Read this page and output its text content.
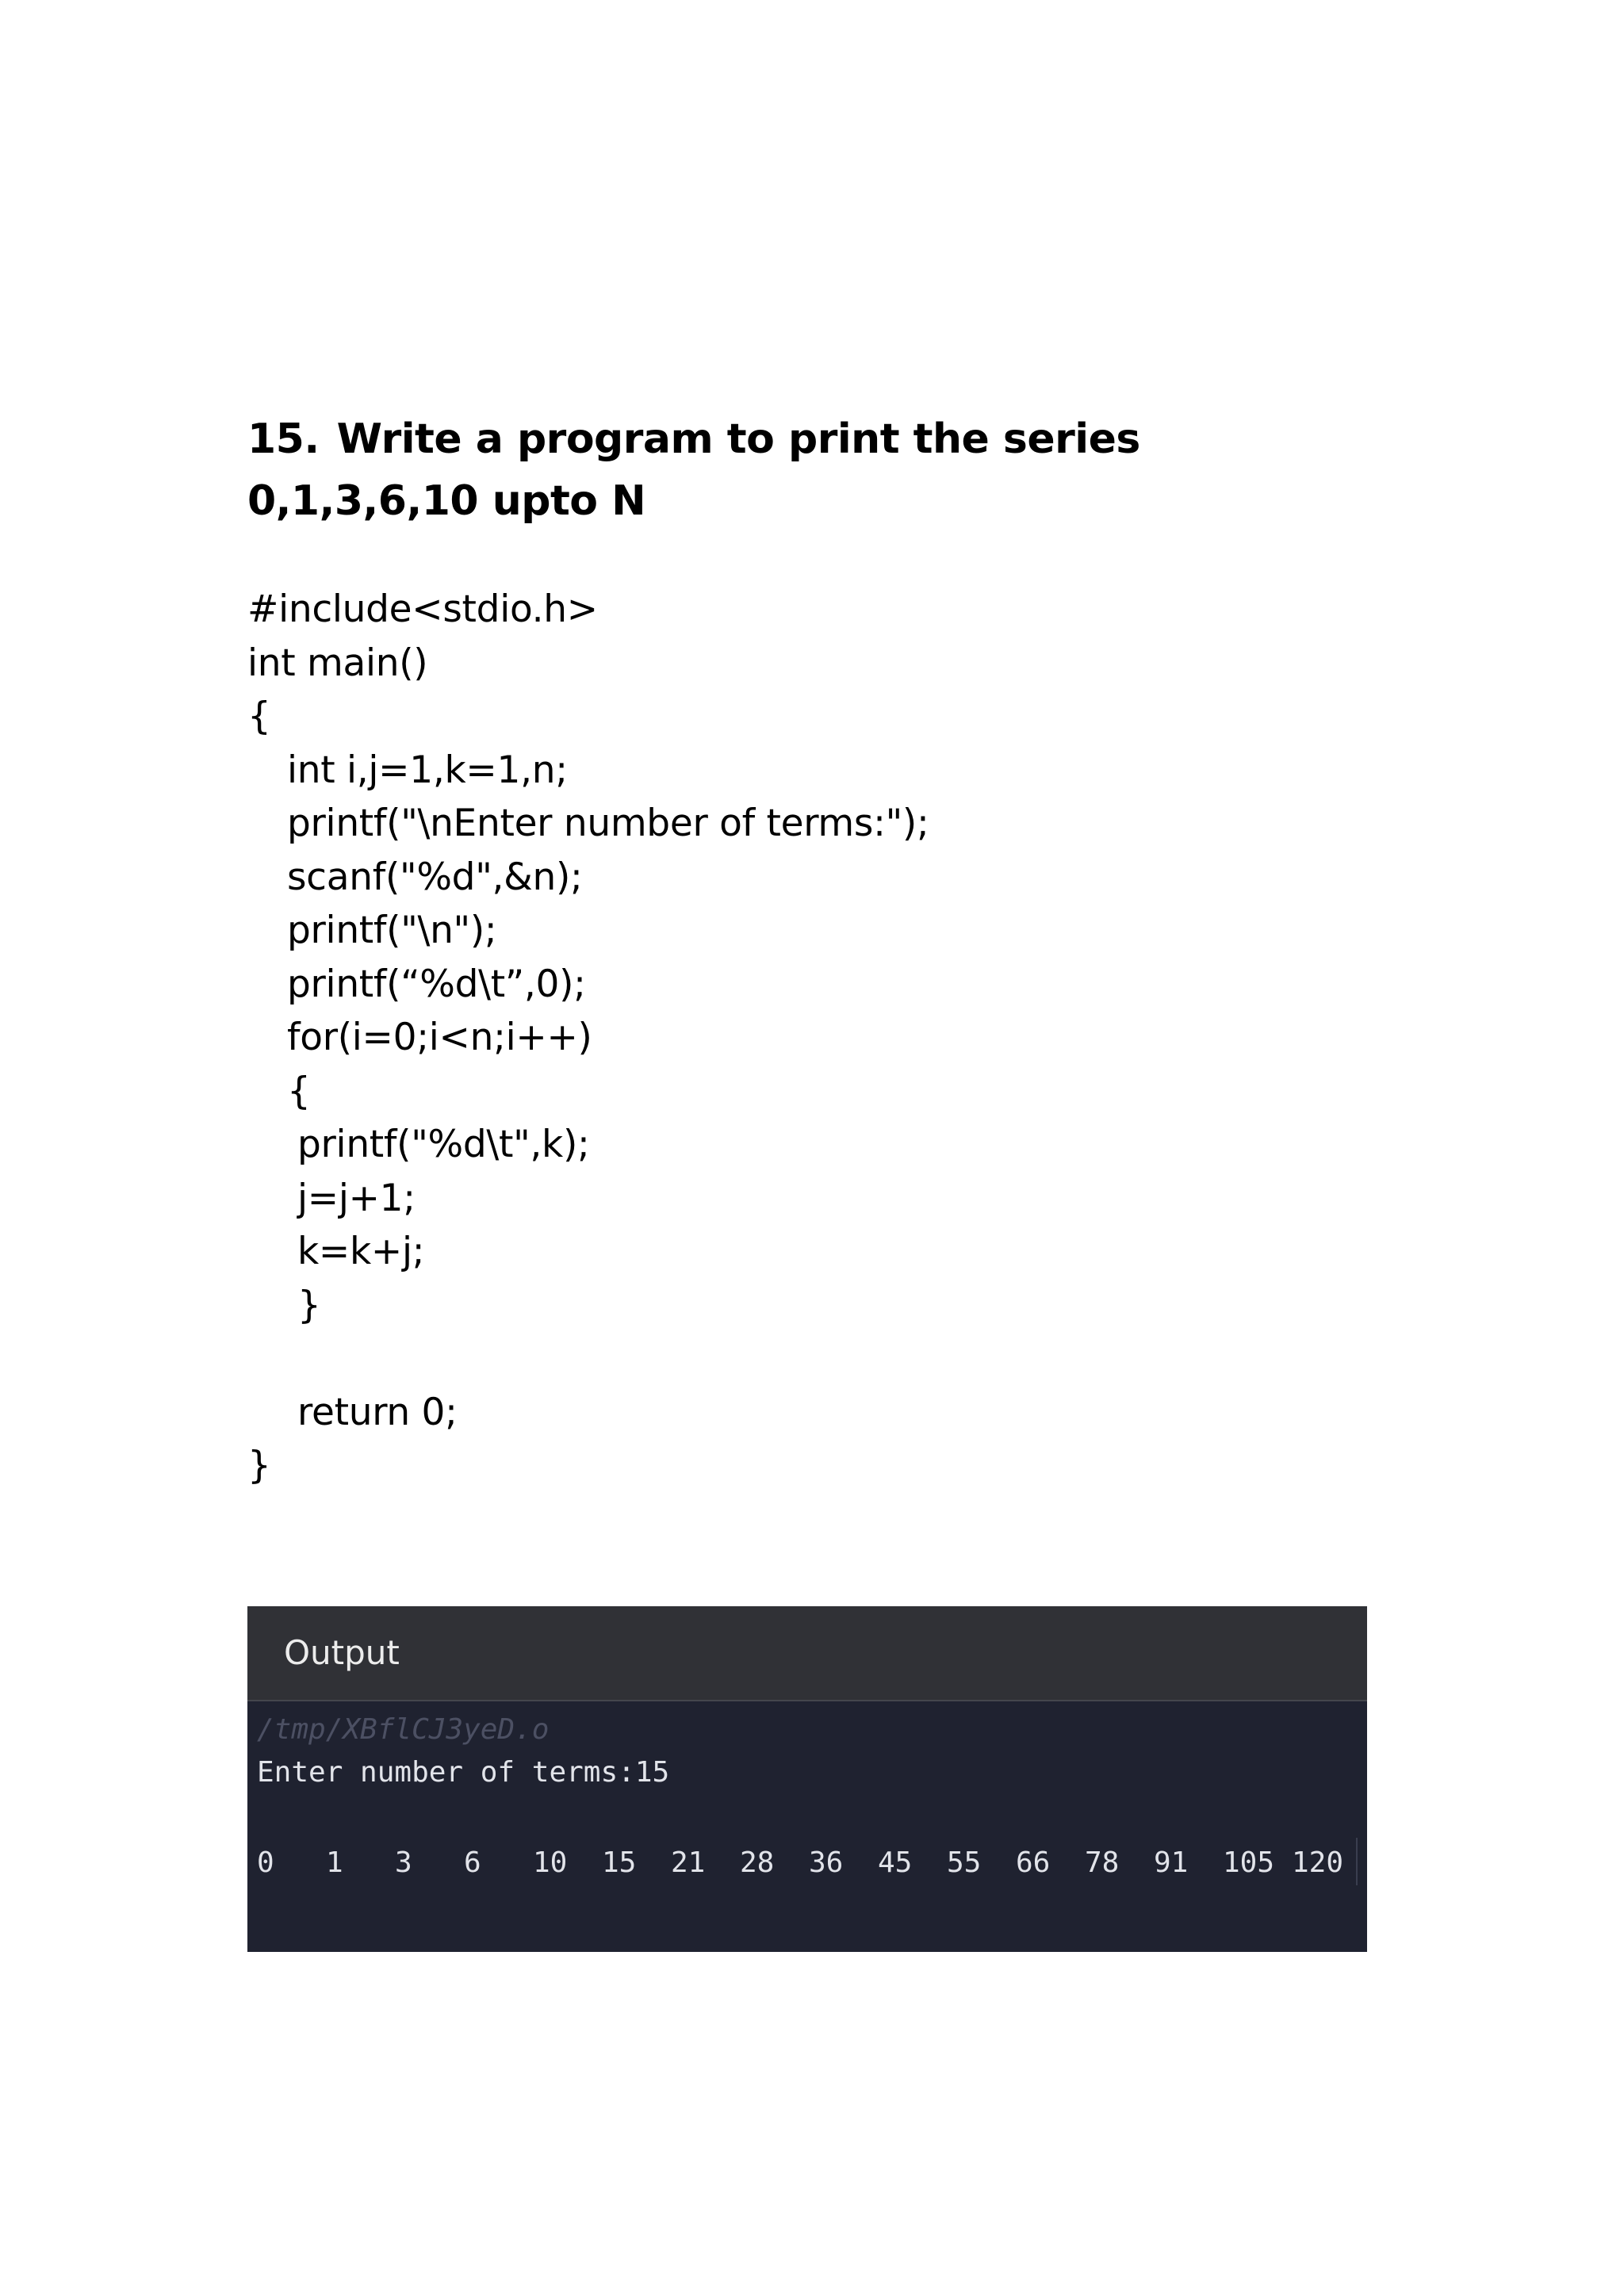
15. Write a program to print the series 0,1,3,6,10 upto N
#include<stdio.h>
int main()
{
int i,j=1,k=1,n;
printf("\nEnter number of terms:");
scanf("%d",&n);
printf("\n");
printf(“%d\t”,0);
for(i=0;i<n;i++)
{
printf("%d\t",k);
j=j+1;
k=k+j;
}
return 0;
}
Output
/tmp/XBflCJ3yeD.o
Enter number of terms:15
0	1	3	6	10	15	21	28	36	45	55	66	78	91	105 120
